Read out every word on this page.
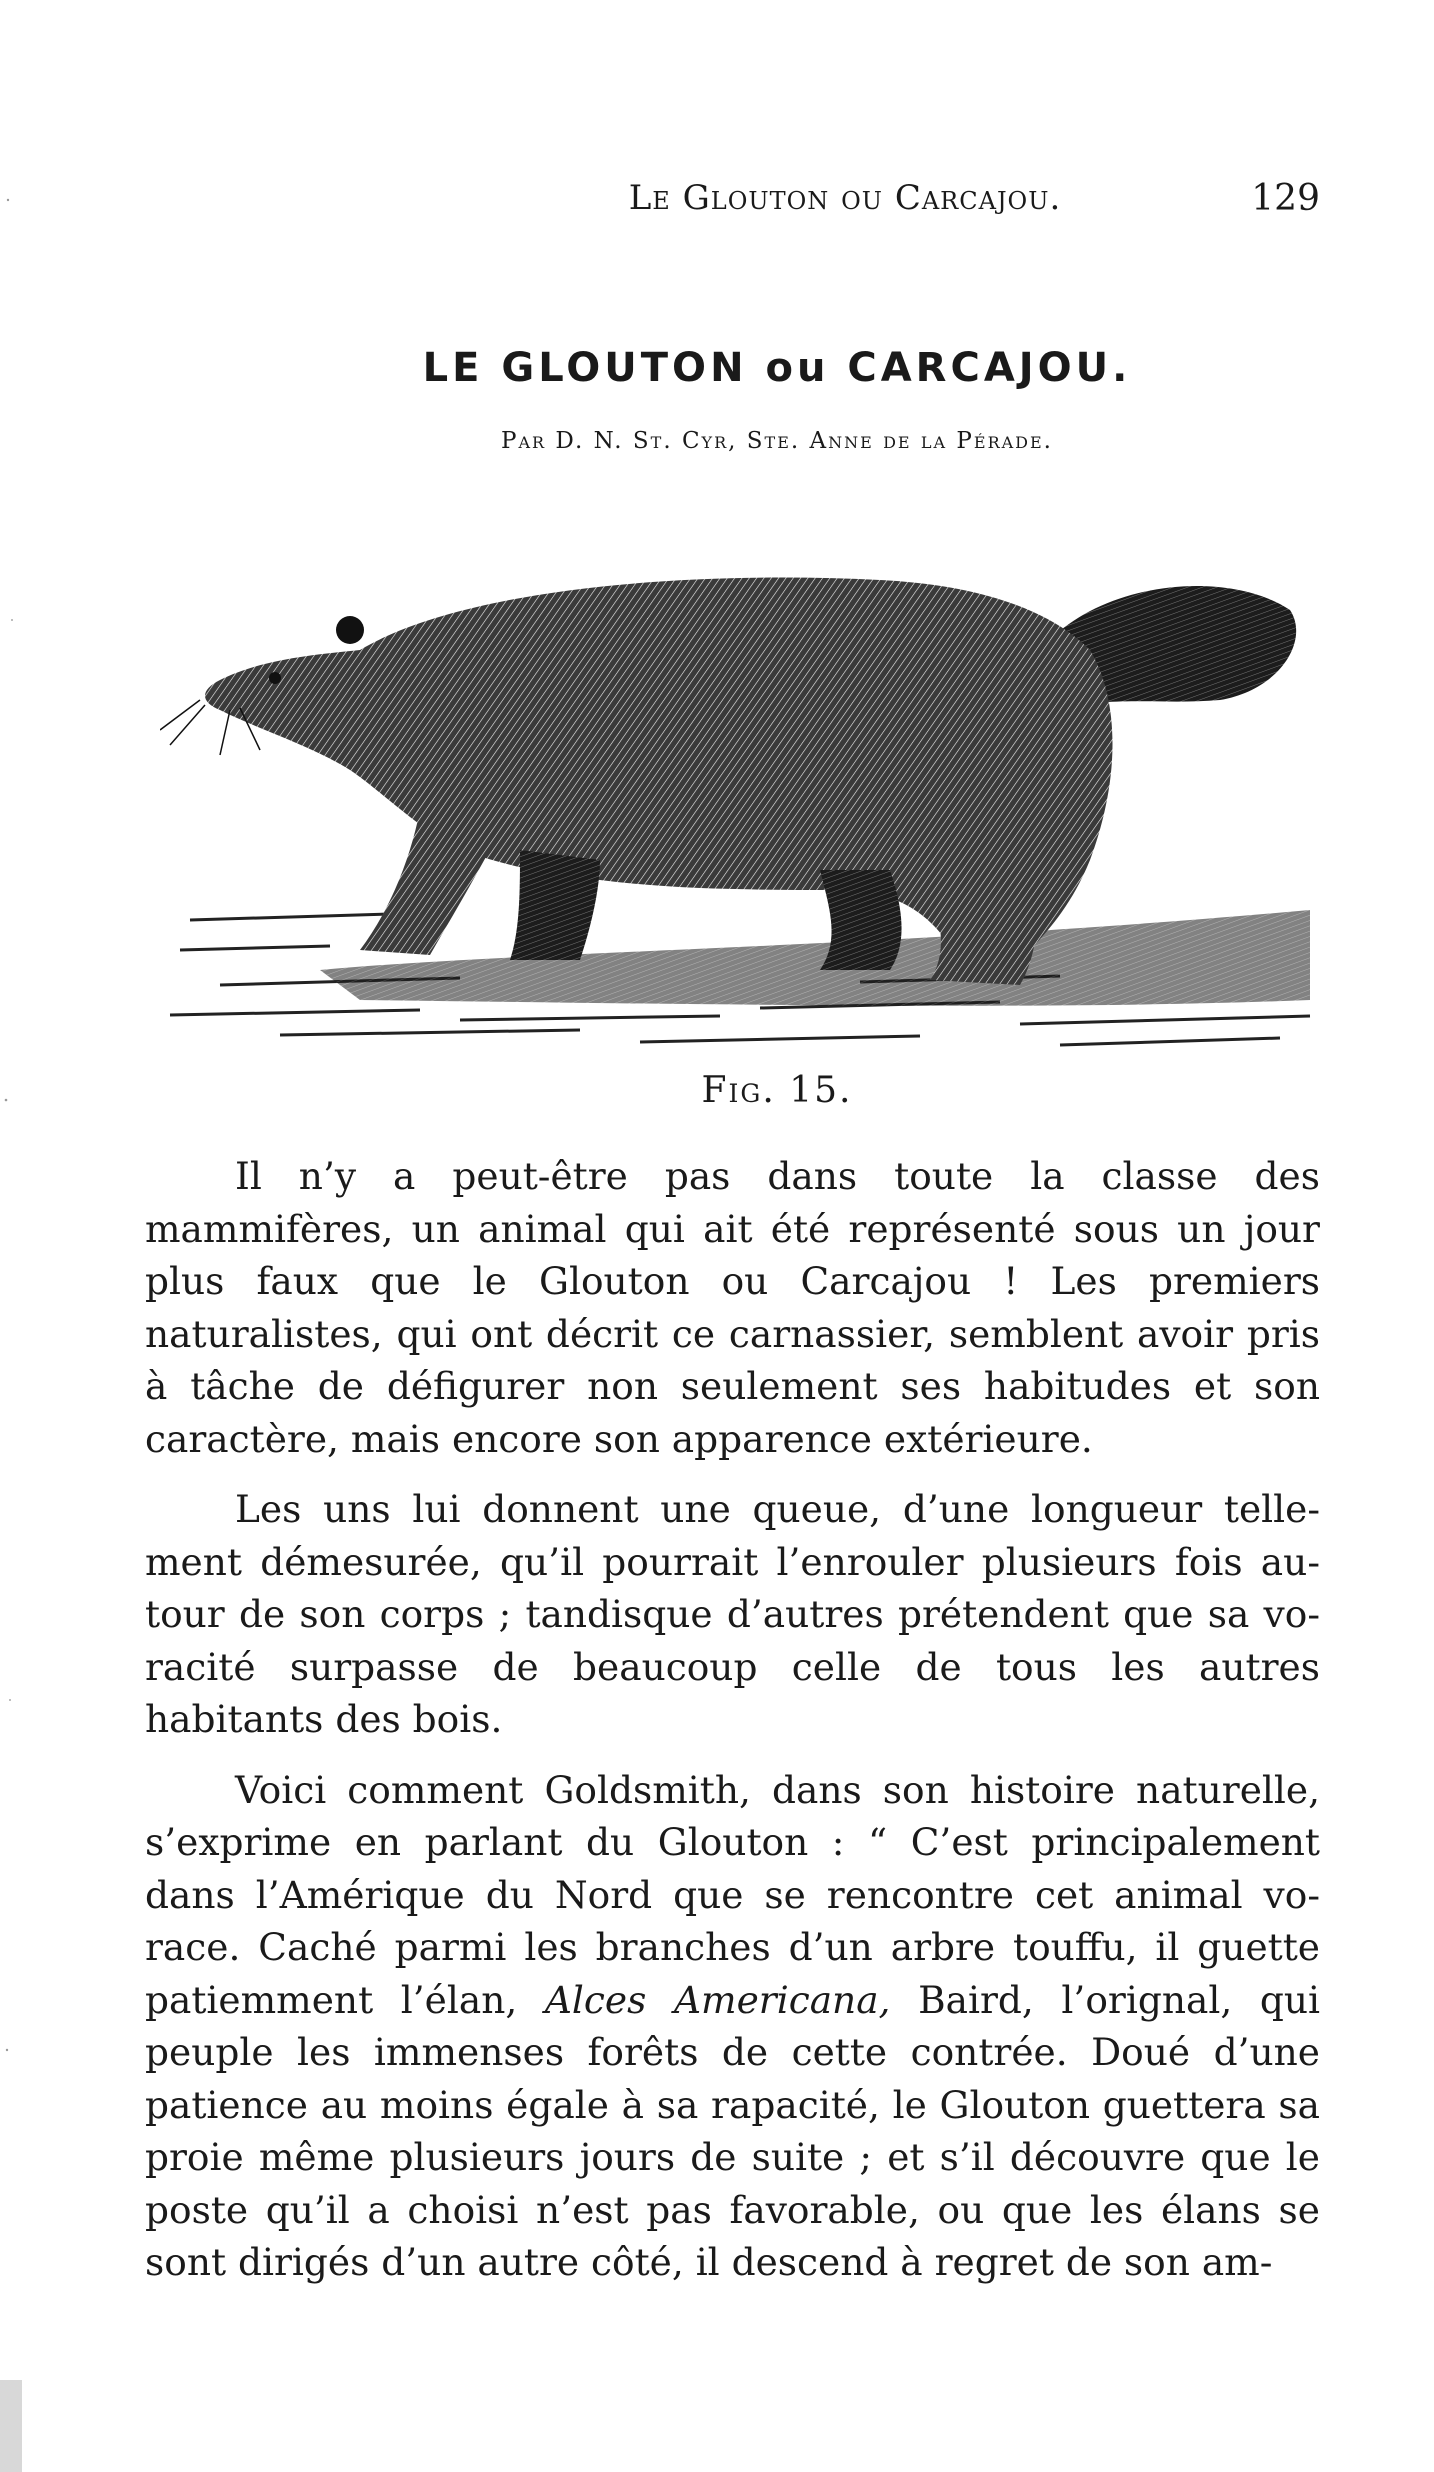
Le Glouton ou Carcajou.	129
LE GLOUTON ou CARCAJOU.
Par D. N. St. Cyr, Ste. Anne de la Pérade.
Fig. 15.

Il n’y a peut-être pas dans toute la classe des mammifères, un animal qui ait été représenté sous un jour plus faux que le Glouton ou Carcajou ! Les premiers naturalistes, qui ont décrit ce carnassier, semblent avoir pris à tâche de défigurer non seulement ses habitudes et son caractère, mais encore son apparence extérieure.

Les uns lui donnent une queue, d’une longueur tellement démesurée, qu’il pourrait l’enrouler plusieurs fois autour de son corps ; tandisque d’autres prétendent que sa voracité surpasse de beaucoup celle de tous les autres habitants des bois.

Voici comment Goldsmith, dans son histoire naturelle, s’exprime en parlant du Glouton : “ C’est principalement dans l’Amérique du Nord que se rencontre cet animal vorace. Caché parmi les branches d’un arbre touffu, il guette patiemment l’élan, Alces Americana, Baird, l’orignal, qui peuple les immenses forêts de cette contrée. Doué d’une patience au moins égale à sa rapacité, le Glouton guettera sa proie même plusieurs jours de suite ; et s’il découvre que le poste qu’il a choisi n’est pas favorable, ou que les élans se sont dirigés d’un autre côté, il descend à regret de son am-
